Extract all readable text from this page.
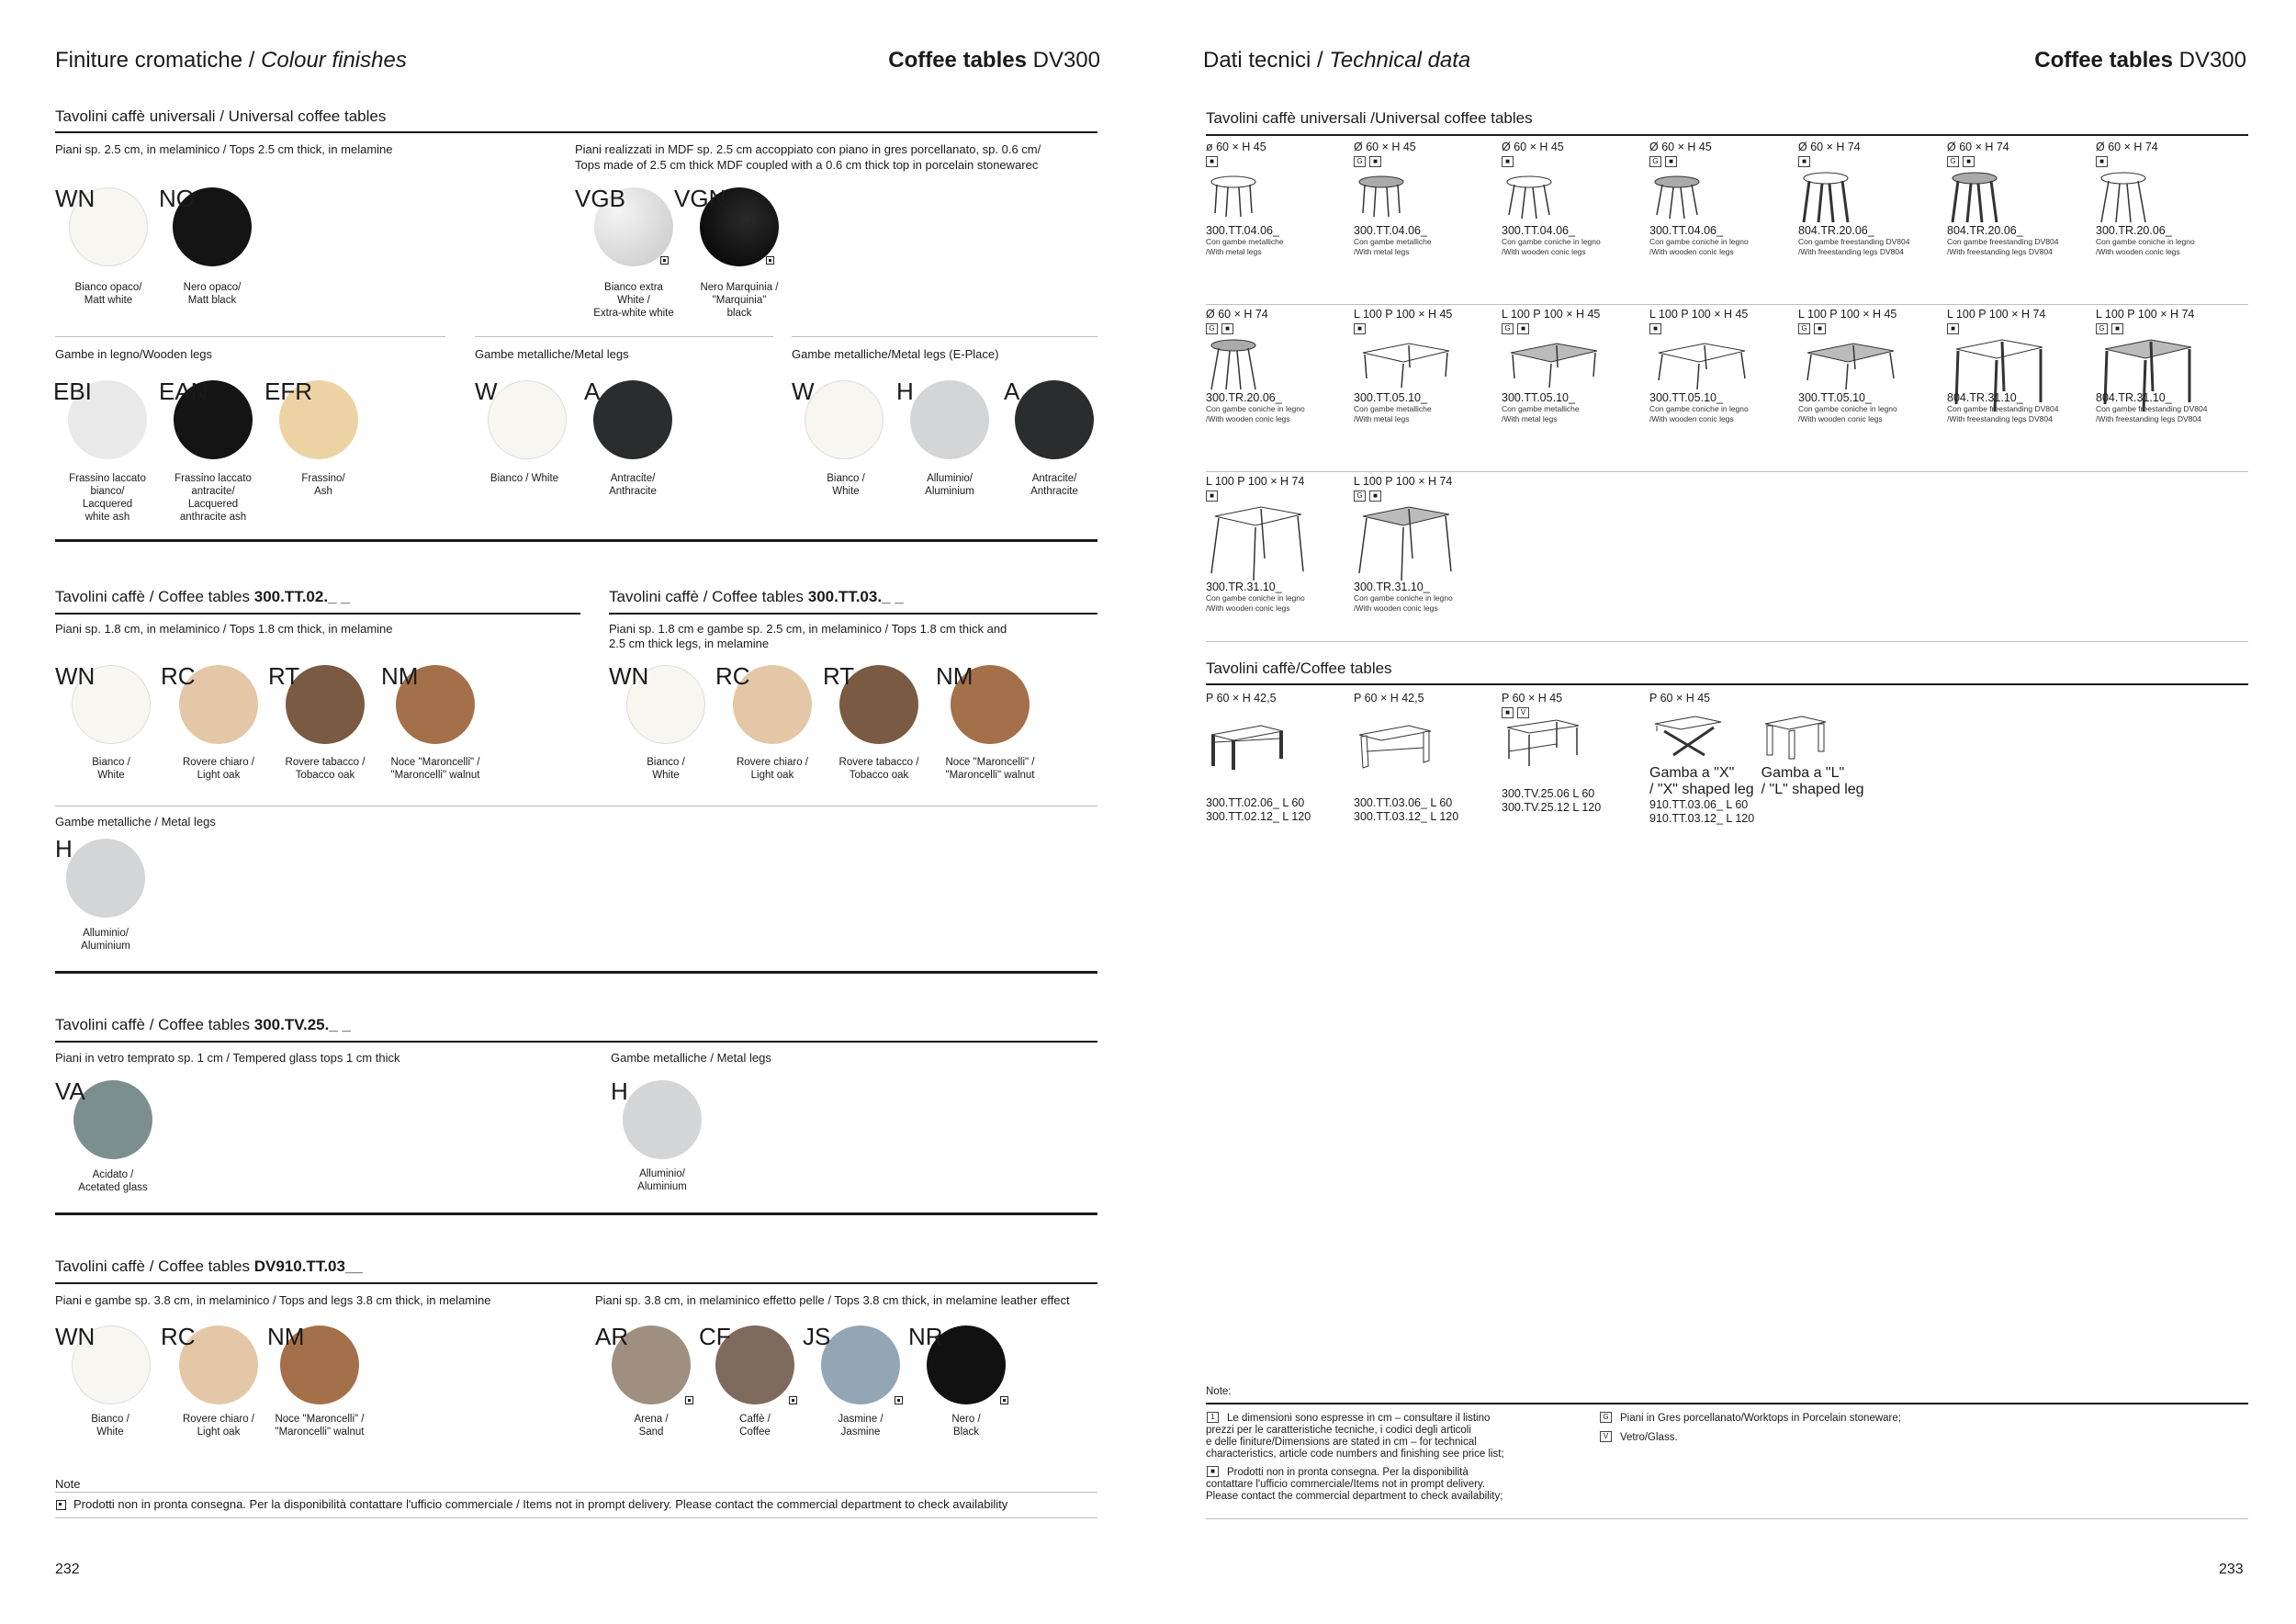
Finiture cromatiche / Colour finishes	Coffee tables DV300
Tavolini caffè universali / Universal coffee tables
Piani sp. 2.5 cm, in melaminico / Tops 2.5 cm thick, in melamine	Piani realizzati in MDF sp. 2.5 cm accoppiato con piano in gres porcellanato, sp. 0.6 cm/
Tops made of 2.5 cm thick MDF coupled with a 0.6 cm thick top in porcelain stonewarec
WN
Bianco opaco/
Matt white
NO
Nero opaco/
Matt black
VGB
Bianco extra
White /
Extra-white white
VGN
Nero Marquinia /
"Marquinia"
black
Gambe in legno/Wooden legs	Gambe metalliche/Metal legs	Gambe metalliche/Metal legs (E-Place)
EBI
Frassino laccato
bianco/
Lacquered
white ash
EAN
Frassino laccato
antracite/
Lacquered
anthracite ash
EFR
Frassino/
Ash
W
Bianco / White
A
Antracite/
Anthracite
W
Bianco /
White
H
Alluminio/
Aluminium
A
Antracite/
Anthracite
Tavolini caffè / Coffee tables 300.TT.02._ _
Piani sp. 1.8 cm, in melaminico / Tops 1.8 cm thick, in melamine
Tavolini caffè / Coffee tables 300.TT.03._ _
Piani sp. 1.8 cm e gambe sp. 2.5 cm, in melaminico / Tops 1.8 cm thick and
2.5 cm thick legs, in melamine
WN
Bianco /
White
RC
Rovere chiaro /
Light oak
RT
Rovere tabacco /
Tobacco oak
NM
Noce "Maroncelli" /
"Maroncelli" walnut
WN
Bianco /
White
RC
Rovere chiaro /
Light oak
RT
Rovere tabacco /
Tobacco oak
NM
Noce "Maroncelli" /
"Maroncelli" walnut
Gambe metalliche / Metal legs
H
Alluminio/
Aluminium
Tavolini caffè / Coffee tables 300.TV.25._ _
Piani in vetro temprato sp. 1 cm / Tempered glass tops 1 cm thick	Gambe metalliche / Metal legs
VA
Acidato /
Acetated glass
H
Alluminio/
Aluminium
Tavolini caffè / Coffee tables DV910.TT.03__
Piani e gambe sp. 3.8 cm, in melaminico / Tops and legs 3.8 cm thick, in melamine	Piani sp. 3.8 cm, in melaminico effetto pelle / Tops 3.8 cm thick, in melamine leather effect
WN
Bianco /
White
RC
Rovere chiaro /
Light oak
NM
Noce "Maroncelli" /
"Maroncelli" walnut
AR
Arena /
Sand
CF
Caffè /
Coffee
JS
Jasmine /
Jasmine
NR
Nero /
Black
Note
Prodotti non in pronta consegna. Per la disponibilità contattare l'ufficio commerciale / Items not in prompt delivery. Please contact the commercial department to check availability
232
Dati tecnici / Technical data	Coffee tables DV300
Tavolini caffè universali /Universal coffee tables
ø 60 × H 45
■
300.TT.04.06_
Con gambe metalliche
/With metal legs
Ø 60 × H 45
G	■
300.TT.04.06_
Con gambe metalliche
/With metal legs
Ø 60 × H 45
■
300.TT.04.06_
Con gambe coniche in legno
/With wooden conic legs
Ø 60 × H 45
G	■
300.TT.04.06_
Con gambe coniche in legno
/With wooden conic legs
Ø 60 × H 74
■
804.TR.20.06_
Con gambe freestanding DV804
/With freestanding legs DV804
Ø 60 × H 74
G	■
804.TR.20.06_
Con gambe freestanding DV804
/With freestanding legs DV804
Ø 60 × H 74
■
300.TR.20.06_
Con gambe coniche in legno
/With wooden conic legs
Ø 60 × H 74
G	■
300.TR.20.06_
Con gambe coniche in legno
/With wooden conic legs
L 100 P 100 × H 45
■
300.TT.05.10_
Con gambe metalliche
/With metal legs
L 100 P 100 × H 45
G	■
300.TT.05.10_
Con gambe metalliche
/With metal legs
L 100 P 100 × H 45
■
300.TT.05.10_
Con gambe coniche in legno
/With wooden conic legs
L 100 P 100 × H 45
G	■
300.TT.05.10_
Con gambe coniche in legno
/With wooden conic legs
L 100 P 100 × H 74
■
804.TR.31.10_
Con gambe freestanding DV804
/With freestanding legs DV804
L 100 P 100 × H 74
G	■
804.TR.31.10_
Con gambe freestanding DV804
/With freestanding legs DV804
L 100 P 100 × H 74
■
300.TR.31.10_
Con gambe coniche in legno
/With wooden conic legs
L 100 P 100 × H 74
G	■
300.TR.31.10_
Con gambe coniche in legno
/With wooden conic legs
Tavolini caffè/Coffee tables
P 60 × H 42,5
300.TT.02.06_ L 60
300.TT.02.12_ L 120
P 60 × H 42,5
300.TT.03.06_ L 60
300.TT.03.12_ L 120
P 60 × H 45
■	V
300.TV.25.06 L 60
300.TV.25.12 L 120
P 60 × H 45
Gamba a "X"
/ "X" shaped leg
Gamba a "L"
/ "L" shaped leg
910.TT.03.06_ L 60
910.TT.03.12_ L 120
Note:
1	Le dimensioni sono espresse in cm – consultare il listino
prezzi per le caratteristiche tecniche, i codici degli articoli
e delle finiture/Dimensions are stated in cm – for technical
characteristics, article code numbers and finishing see price list;
■	Prodotti non in pronta consegna. Per la disponibilità
contattare l'ufficio commerciale/Items not in prompt delivery.
Please contact the commercial department to check availability;
G Piani in Gres porcellanato/Worktops in Porcelain stoneware;
V	Vetro/Glass.
233
